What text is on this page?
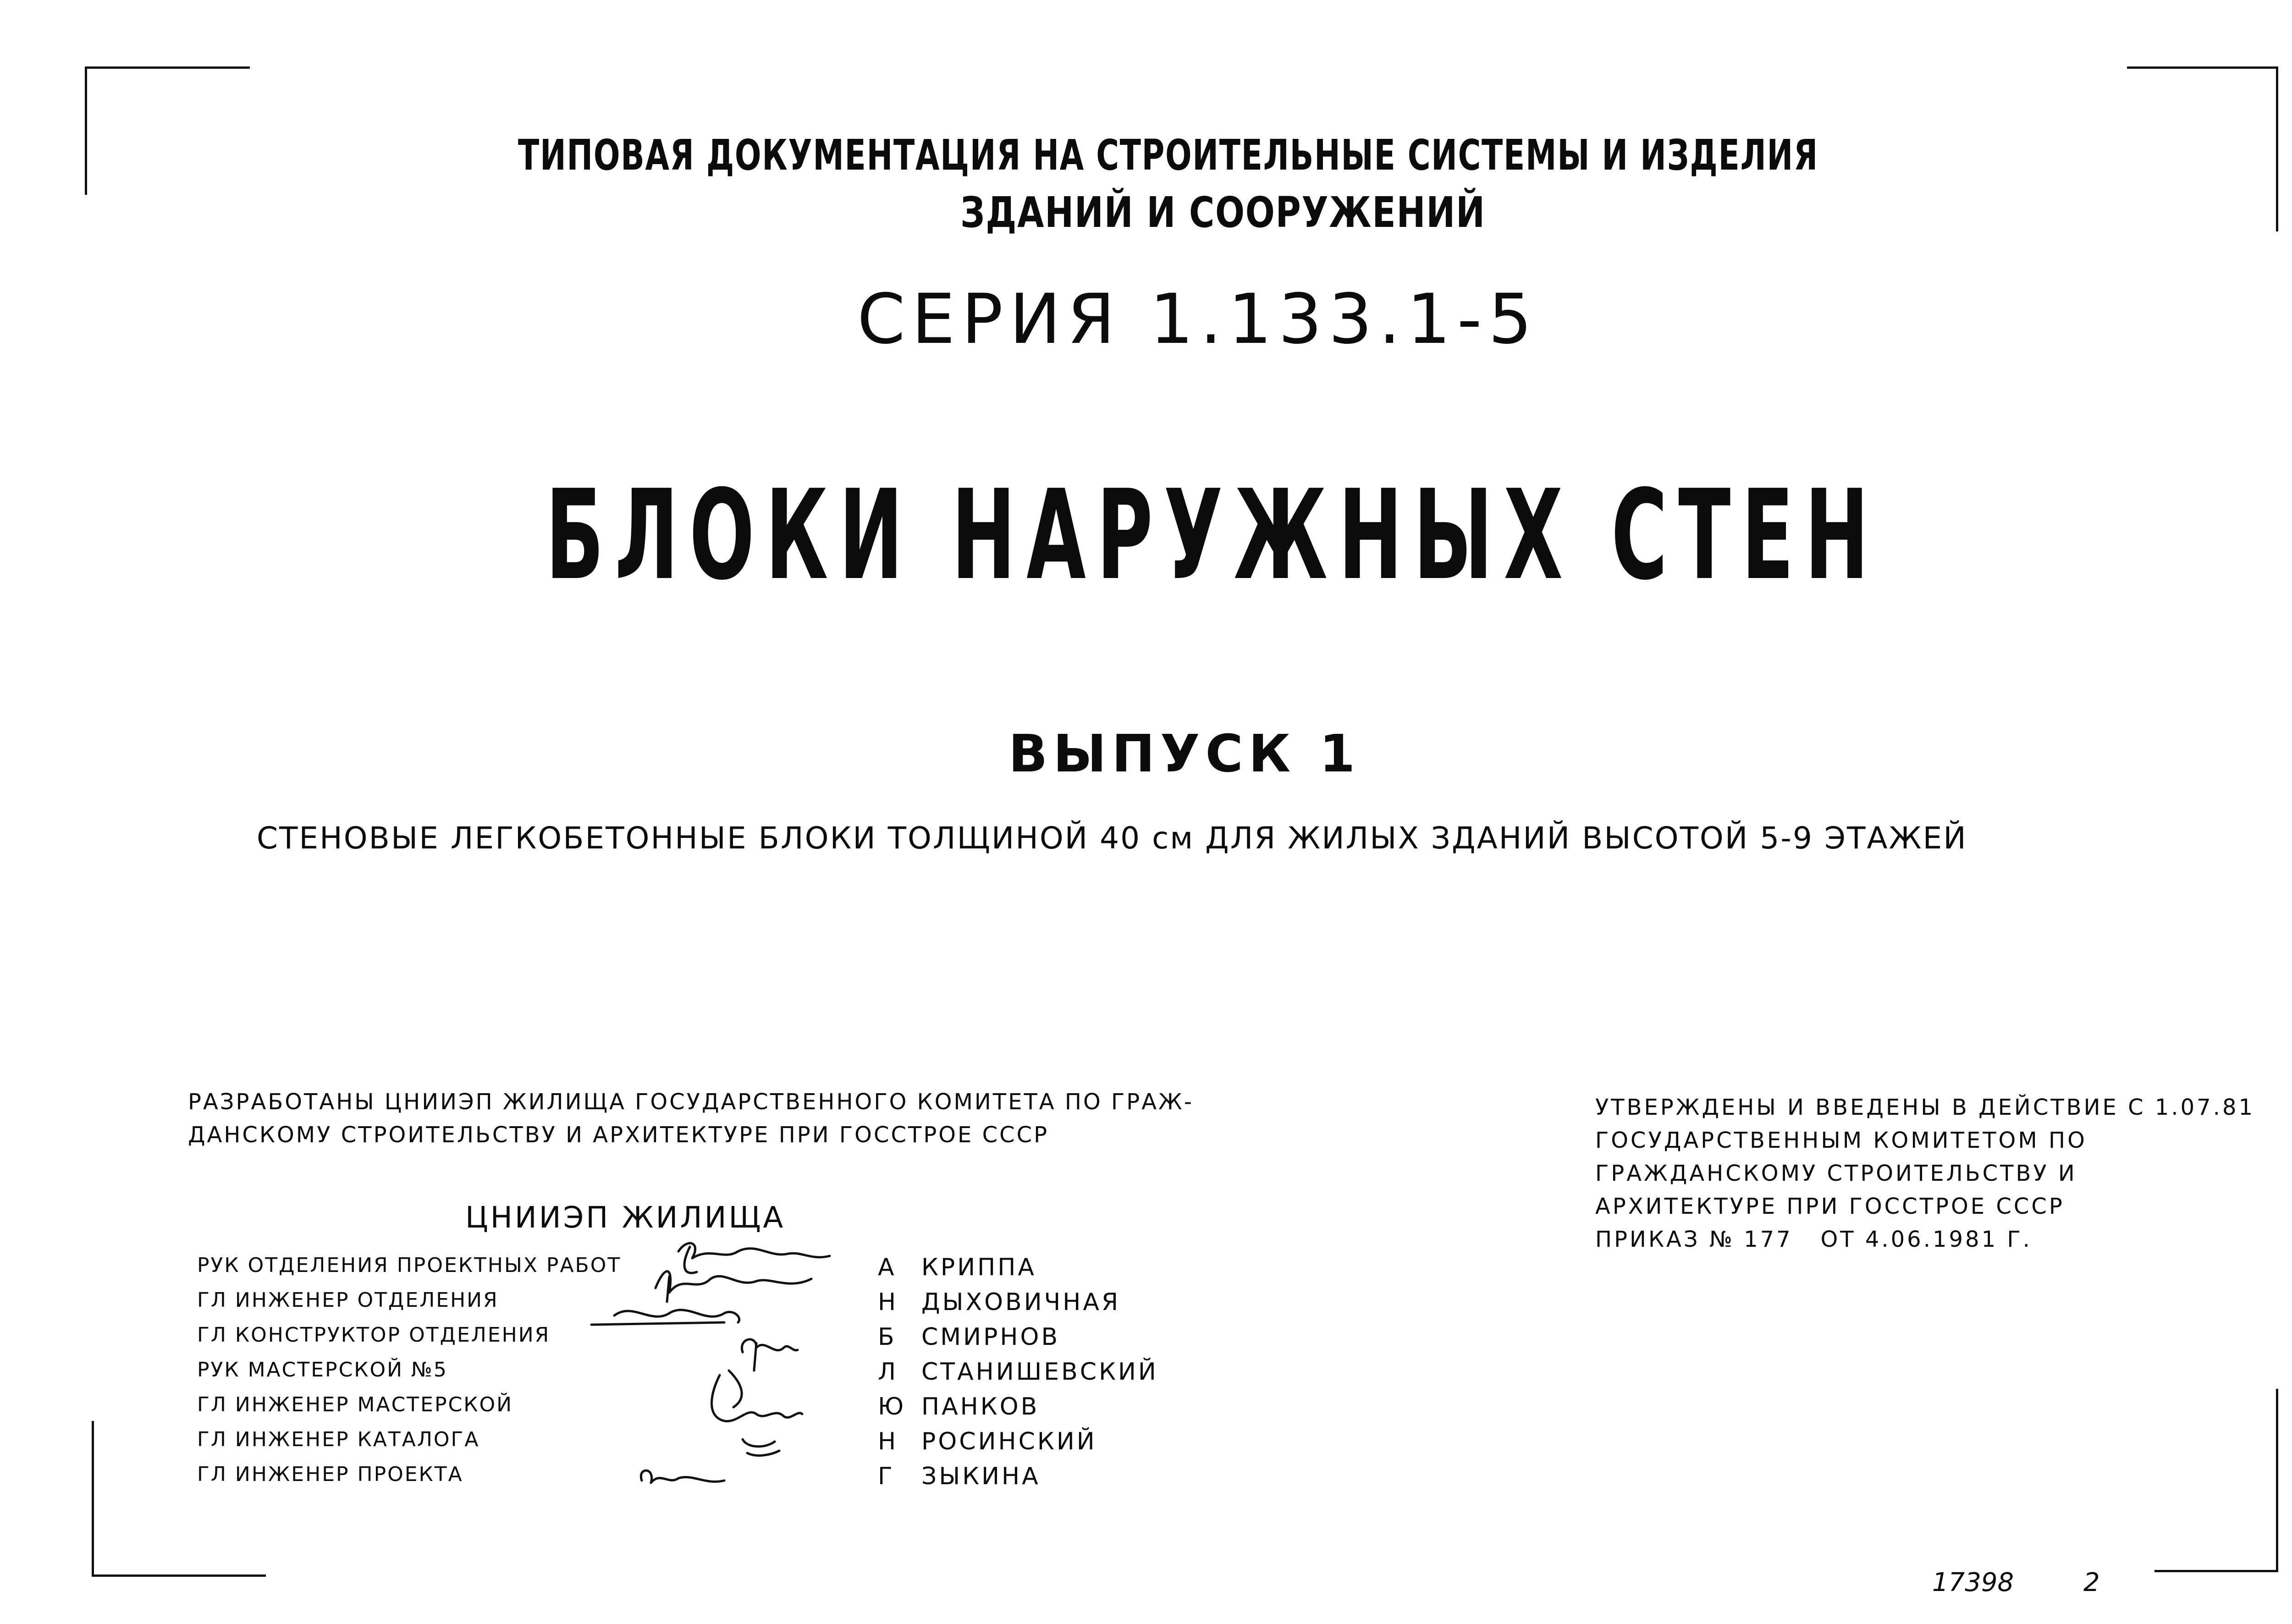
ТИПОВАЯ ДОКУМЕНТАЦИЯ НА СТРОИТЕЛЬНЫЕ СИСТЕМЫ И ИЗДЕЛИЯ
ЗДАНИЙ И СООРУЖЕНИЙ
СЕРИЯ 1.133.1-5
БЛОКИ НАРУЖНЫХ СТЕН
ВЫПУСК 1
СТЕНОВЫЕ ЛЕГКОБЕТОННЫЕ БЛОКИ ТОЛЩИНОЙ 40 см ДЛЯ ЖИЛЫХ ЗДАНИЙ ВЫСОТОЙ 5-9 ЭТАЖЕЙ
РАЗРАБОТАНЫ ЦНИИЭП ЖИЛИЩА ГОСУДАРСТВЕННОГО КОМИТЕТА ПО ГРАЖ-
ДАНСКОМУ СТРОИТЕЛЬСТВУ И АРХИТЕКТУРЕ ПРИ ГОССТРОЕ СССР
УТВЕРЖДЕНЫ И ВВЕДЕНЫ В ДЕЙСТВИЕ С 1.07.81
ГОСУДАРСТВЕННЫМ КОМИТЕТОМ ПО
ГРАЖДАНСКОМУ СТРОИТЕЛЬСТВУ И
АРХИТЕКТУРЕ ПРИ ГОССТРОЕ СССР
ПРИКАЗ № 177   ОТ 4.06.1981 Г.
ЦНИИЭП ЖИЛИЩА
РУК ОТДЕЛЕНИЯ ПРОЕКТНЫХ РАБОТ	А КРИППА
ГЛ ИНЖЕНЕР ОТДЕЛЕНИЯ	Н ДЫХОВИЧНАЯ
ГЛ КОНСТРУКТОР ОТДЕЛЕНИЯ	Б СМИРНОВ
РУК МАСТЕРСКОЙ №5	Л СТАНИШЕВСКИЙ
ГЛ ИНЖЕНЕР МАСТЕРСКОЙ	Ю ПАНКОВ
ГЛ ИНЖЕНЕР КАТАЛОГА	Н РОСИНСКИЙ
ГЛ ИНЖЕНЕР ПРОЕКТА	Г ЗЫКИНА
17398	2
